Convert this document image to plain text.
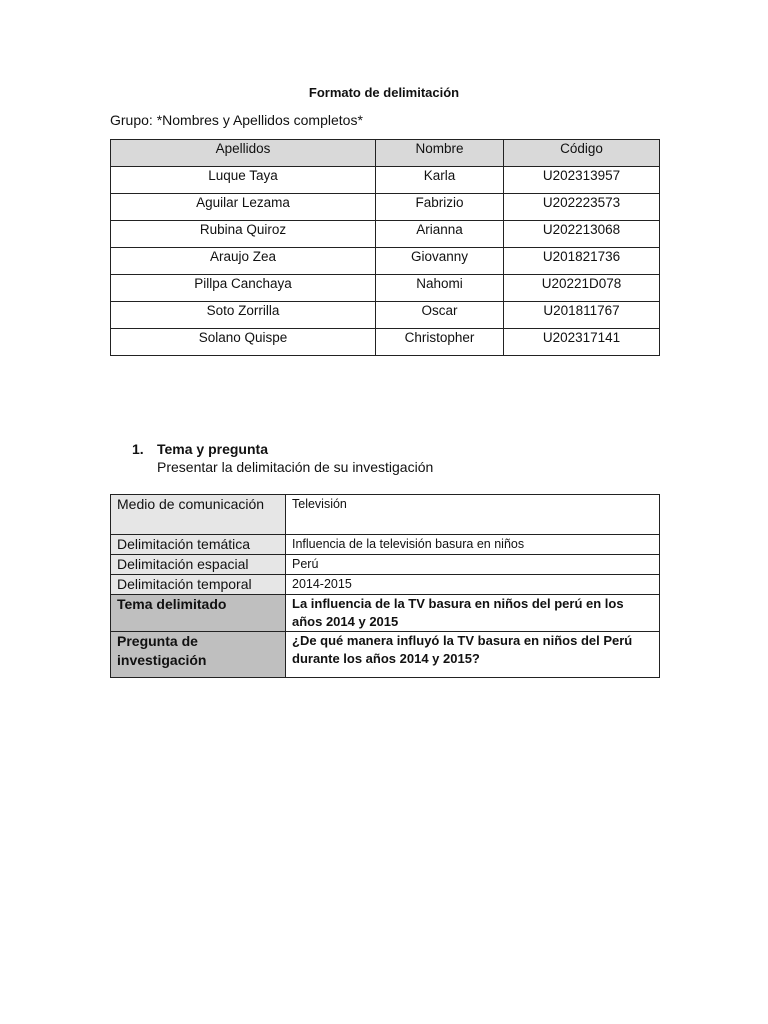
Formato de delimitación
Grupo: *Nombres y Apellidos completos*
Apellidos	Nombre	Código
Luque Taya	Karla	U202313957
Aguilar Lezama	Fabrizio	U202223573
Rubina Quiroz	Arianna	U202213068
Araujo Zea	Giovanny	U201821736
Pillpa Canchaya	Nahomi	U20221D078
Soto Zorrilla	Oscar	U201811767
Solano Quispe	Christopher	U202317141
1. Tema y pregunta
Presentar la delimitación de su investigación
Medio de comunicación	Televisión
Delimitación temática	Influencia de la televisión basura en niños
Delimitación espacial	Perú
Delimitación temporal	2014-2015
Tema delimitado	La influencia de la TV basura en niños del perú en los años 2014 y 2015
Pregunta de investigación	¿De qué manera influyó la TV basura en niños del Perú durante los años 2014 y 2015?
